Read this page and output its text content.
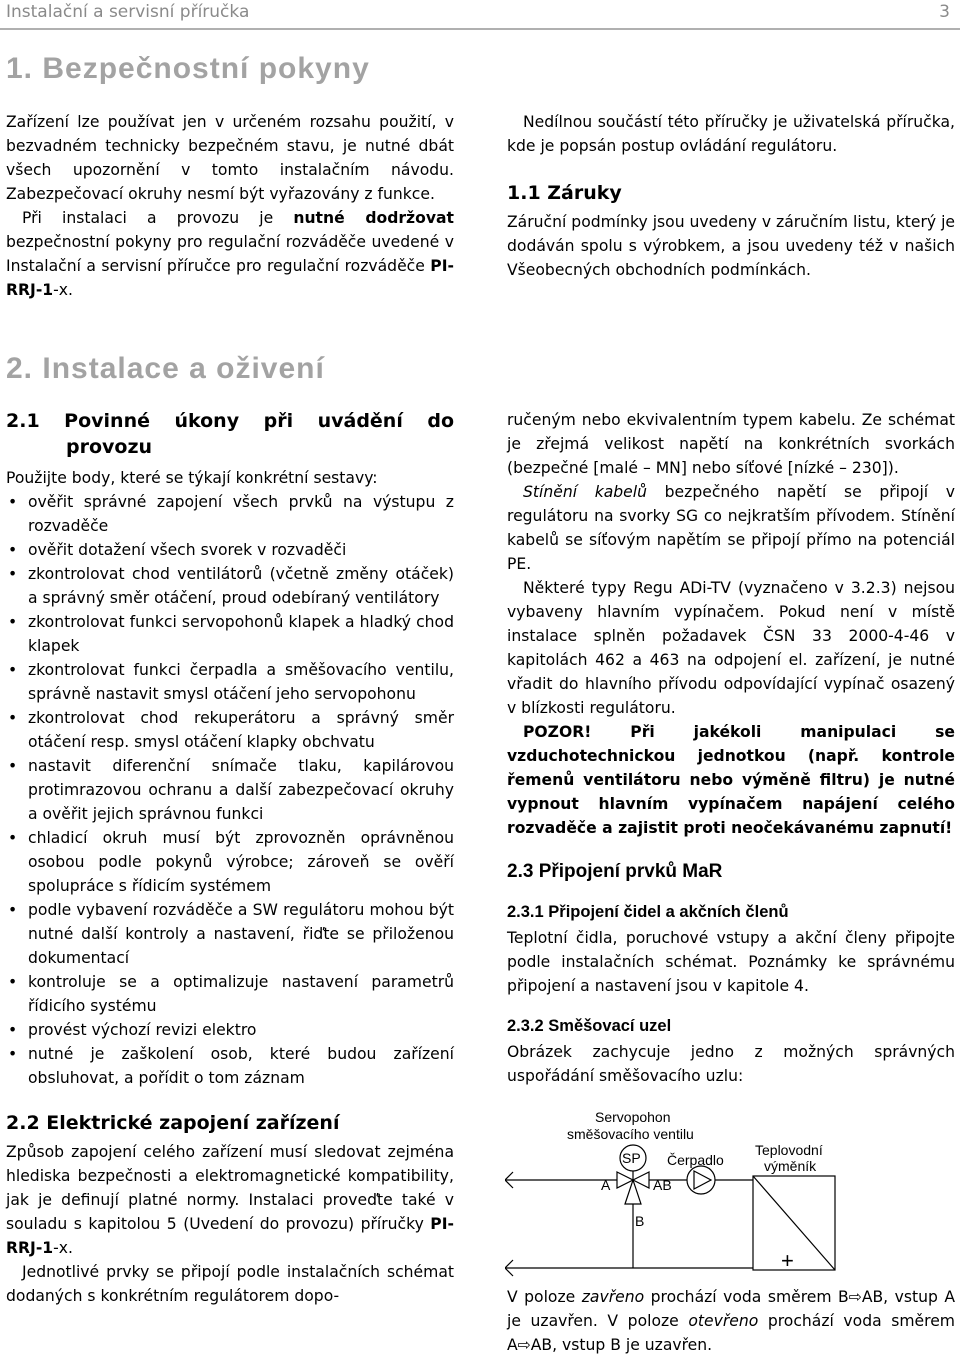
Instalační a servisní příručka	3
1. Bezpečnostní pokyny

Zařízení lze používat jen v určeném rozsahu použití, v bezvadném technicky bezpečném stavu, je nutné dbát všech upozornění v tomto instalačním návodu. Zabezpečovací okruhy nesmí být vyřazovány z funkce.

Při instalaci a provozu je nutné dodržovat bezpečnostní pokyny pro regulační rozváděče uvedené v Instalační a servisní příručce pro regulační rozváděče PI-RRJ-1-x.

Nedílnou součástí této příručky je uživatelská příručka, kde je popsán postup ovládání regulátoru.

1.1 Záruky

Záruční podmínky jsou uvedeny v záručním listu, který je dodáván spolu s výrobkem, a jsou uvedeny též v našich Všeobecných obchodních podmínkách.

2. Instalace a oživení
2.1 Povinné úkony při uvádění do provozu

Použijte body, které se týkají konkrétní sestavy:

• ověřit správné zapojení všech prvků na výstupu z rozvaděče
• ověřit dotažení všech svorek v rozvaděči
• zkontrolovat chod ventilátorů (včetně změny otáček) a správný směr otáčení, proud odebíraný ventilátory
• zkontrolovat funkci servopohonů klapek a hladký chod klapek
• zkontrolovat funkci čerpadla a směšovacího ventilu, správně nastavit smysl otáčení jeho servopohonu
• zkontrolovat chod rekuperátoru a správný směr otáčení resp. smysl otáčení klapky obchvatu
• nastavit diferenční snímače tlaku, kapilárovou protimrazovou ochranu a další zabezpečovací okruhy a ověřit jejich správnou funkci
• chladicí okruh musí být zprovozněn oprávněnou osobou podle pokynů výrobce; zároveň se ověří spolupráce s řídicím systémem
• podle vybavení rozváděče a SW regulátoru mohou být nutné další kontroly a nastavení, řiďte se přiloženou dokumentací
• kontroluje se a optimalizuje nastavení parametrů řídicího systému
• provést výchozí revizi elektro
• nutné je zaškolení osob, které budou zařízení obsluhovat, a pořídit o tom záznam
2.2 Elektrické zapojení zařízení

Způsob zapojení celého zařízení musí sledovat zejména hlediska bezpečnosti a elektromagnetické kompatibility, jak je definují platné normy. Instalaci proveďte také v souladu s kapitolou 5 (Uvedení do provozu) příručky PI-RRJ-1-x.

Jednotlivé prvky se připojí podle instalačních schémat dodaných s konkrétním regulátorem dopo-

ručeným nebo ekvivalentním typem kabelu. Ze schémat je zřejmá velikost napětí na konkrétních svorkách (bezpečné [malé – MN] nebo síťové [nízké – 230]).

Stínění kabelů bezpečného napětí se připojí v regulátoru na svorky SG co nejkratším přívodem. Stínění kabelů se síťovým napětím se připojí přímo na potenciál PE.

Některé typy Regu ADi-TV (vyznačeno v 3.2.3) nejsou vybaveny hlavním vypínačem. Pokud není v místě instalace splněn požadavek ČSN 33 2000-4-46 v kapitolách 462 a 463 na odpojení el. zařízení, je nutné vřadit do hlavního přívodu odpovídající vypínač osazený v blízkosti regulátoru.

POZOR! Při jakékoli manipulaci se vzduchotechnickou jednotkou (např. kontrole řemenů ventilátoru nebo výměně filtru) je nutné vypnout hlavním vypínačem napájení celého rozvaděče a zajistit proti neočekávanému zapnutí!

2.3 Připojení prvků MaR
2.3.1 Připojení čidel a akčních členů

Teplotní čidla, poruchové vstupy a akční členy připojte podle instalačních schémat. Poznámky ke správnému připojení a nastavení jsou v kapitole 4.

2.3.2 Směšovací uzel

Obrázek zachycuje jedno z možných správných uspořádání směšovacího uzlu:

Servopohon
směšovacího ventilu
Teplovodní
výměník
SP
A	AB
B
Čerpadlo
+

V poloze zavřeno prochází voda směrem B⇨AB, vstup A je uzavřen. V poloze otevřeno prochází voda směrem A⇨AB, vstup B je uzavřen.
